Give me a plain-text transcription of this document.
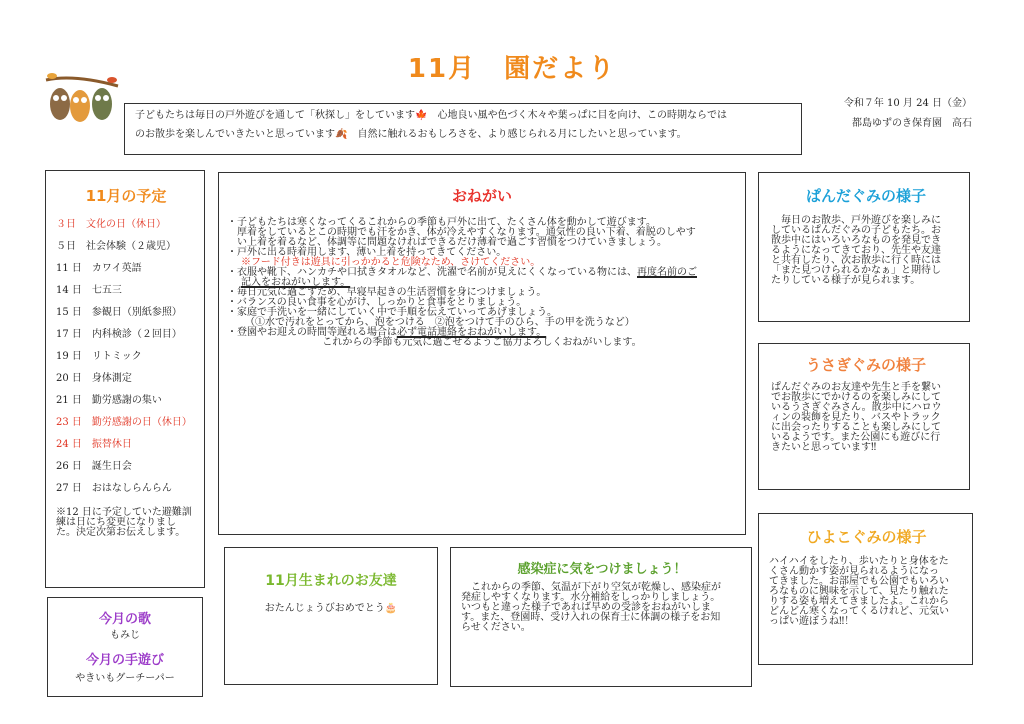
11月　園だより
令和７年 10 月 24 日（金）
都島ゆずのき保育園　高石
子どもたちは毎日の戸外遊びを通して「秋探し」をしています🍁　心地良い風や色づく木々や葉っぱに目を向け、この時期ならでは
のお散歩を楽しんでいきたいと思っています🍂　自然に触れるおもしろさを、より感じられる月にしたいと思っています。
11月の予定
３日　文化の日（休日）
５日　社会体験（２歳児）
11 日　カワイ英語
14 日　七五三
15 日　参観日（別紙参照）
17 日　内科検診（２回目）
19 日　リトミック
20 日　身体測定
21 日　勤労感謝の集い
23 日　勤労感謝の日（休日）
24 日　振替休日
26 日　誕生日会
27 日　おはなしらんらん
※12 日に予定していた避難訓
練は日にち変更になりまし
た。決定次第お伝えします。
おねがい
・子どもたちは寒くなってくるこれからの季節も戸外に出て、たくさん体を動かして遊びます。
　厚着をしているとこの時期でも汗をかき、体が冷えやすくなります。通気性の良い下着、着脱のしやす
　い上着を着るなど、体調等に問題なければできるだけ薄着で過ごす習慣をつけていきましょう。
・戸外に出る時着用します、薄い上着を持ってきてください。
※フード付きは遊具に引っかかると危険なため、さけてください。
・衣服や靴下、ハンカチや口拭きタオルなど、洗濯で名前が見えにくくなっている物には、再度名前のご
記入をおねがいします。
・毎日元気に過ごすため、早寝早起きの生活習慣を身につけましょう。
・バランスの良い食事を心がけ、しっかりと食事をとりましょう。
・家庭で手洗いを一緒にしていく中で手順を伝えていってあげましょう。
（①水で汚れをとってから、泡をつける　②泡をつけて手のひら、手の甲を洗うなど）
・登園やお迎えの時間等遅れる場合は必ず電話連絡をおねがいします。
これからの季節も元気に過ごせるようご協力よろしくおねがいします。
ぱんだぐみの様子
　毎日のお散歩、戸外遊びを楽しみに
しているぱんだぐみの子どもたち。お
散歩中にはいろいろなものを発見でき
るようになってきており、先生や友達
と共有したり、次お散歩に行く時には
「また見つけられるかなぁ」と期待し
たりしている様子が見られます。
うさぎぐみの様子
ぱんだぐみのお友達や先生と手を繋い
でお散歩にでかけるのを楽しみにして
いるうさぎぐみさん。散歩中にハロウ
ィンの装飾を見たり、バスやトラック
に出会ったりすることも楽しみにして
いるようです。また公園にも遊びに行
きたいと思っています‼
ひよこぐみの様子
ハイハイをしたり、歩いたりと身体をた
くさん動かす姿が見られるようになっ
てきました。お部屋でも公園でもいろい
ろなものに興味を示して、見たり触れた
りする姿も増えてきましたよ。これから
どんどん寒くなってくるけれど、元気い
っぱい遊ぼうね‼！
11月生まれのお友達
おたんじょうびおめでとう🎂
感染症に気をつけましょう！
　これからの季節、気温が下がり空気が乾燥し、感染症が
発症しやすくなります。水分補給をしっかりしましょう。
いつもと違った様子であれば早めの受診をおねがいしま
す。また、登園時、受け入れの保育士に体調の様子をお知
らせください。
今月の歌
もみじ
今月の手遊び
やきいもグーチーパー
